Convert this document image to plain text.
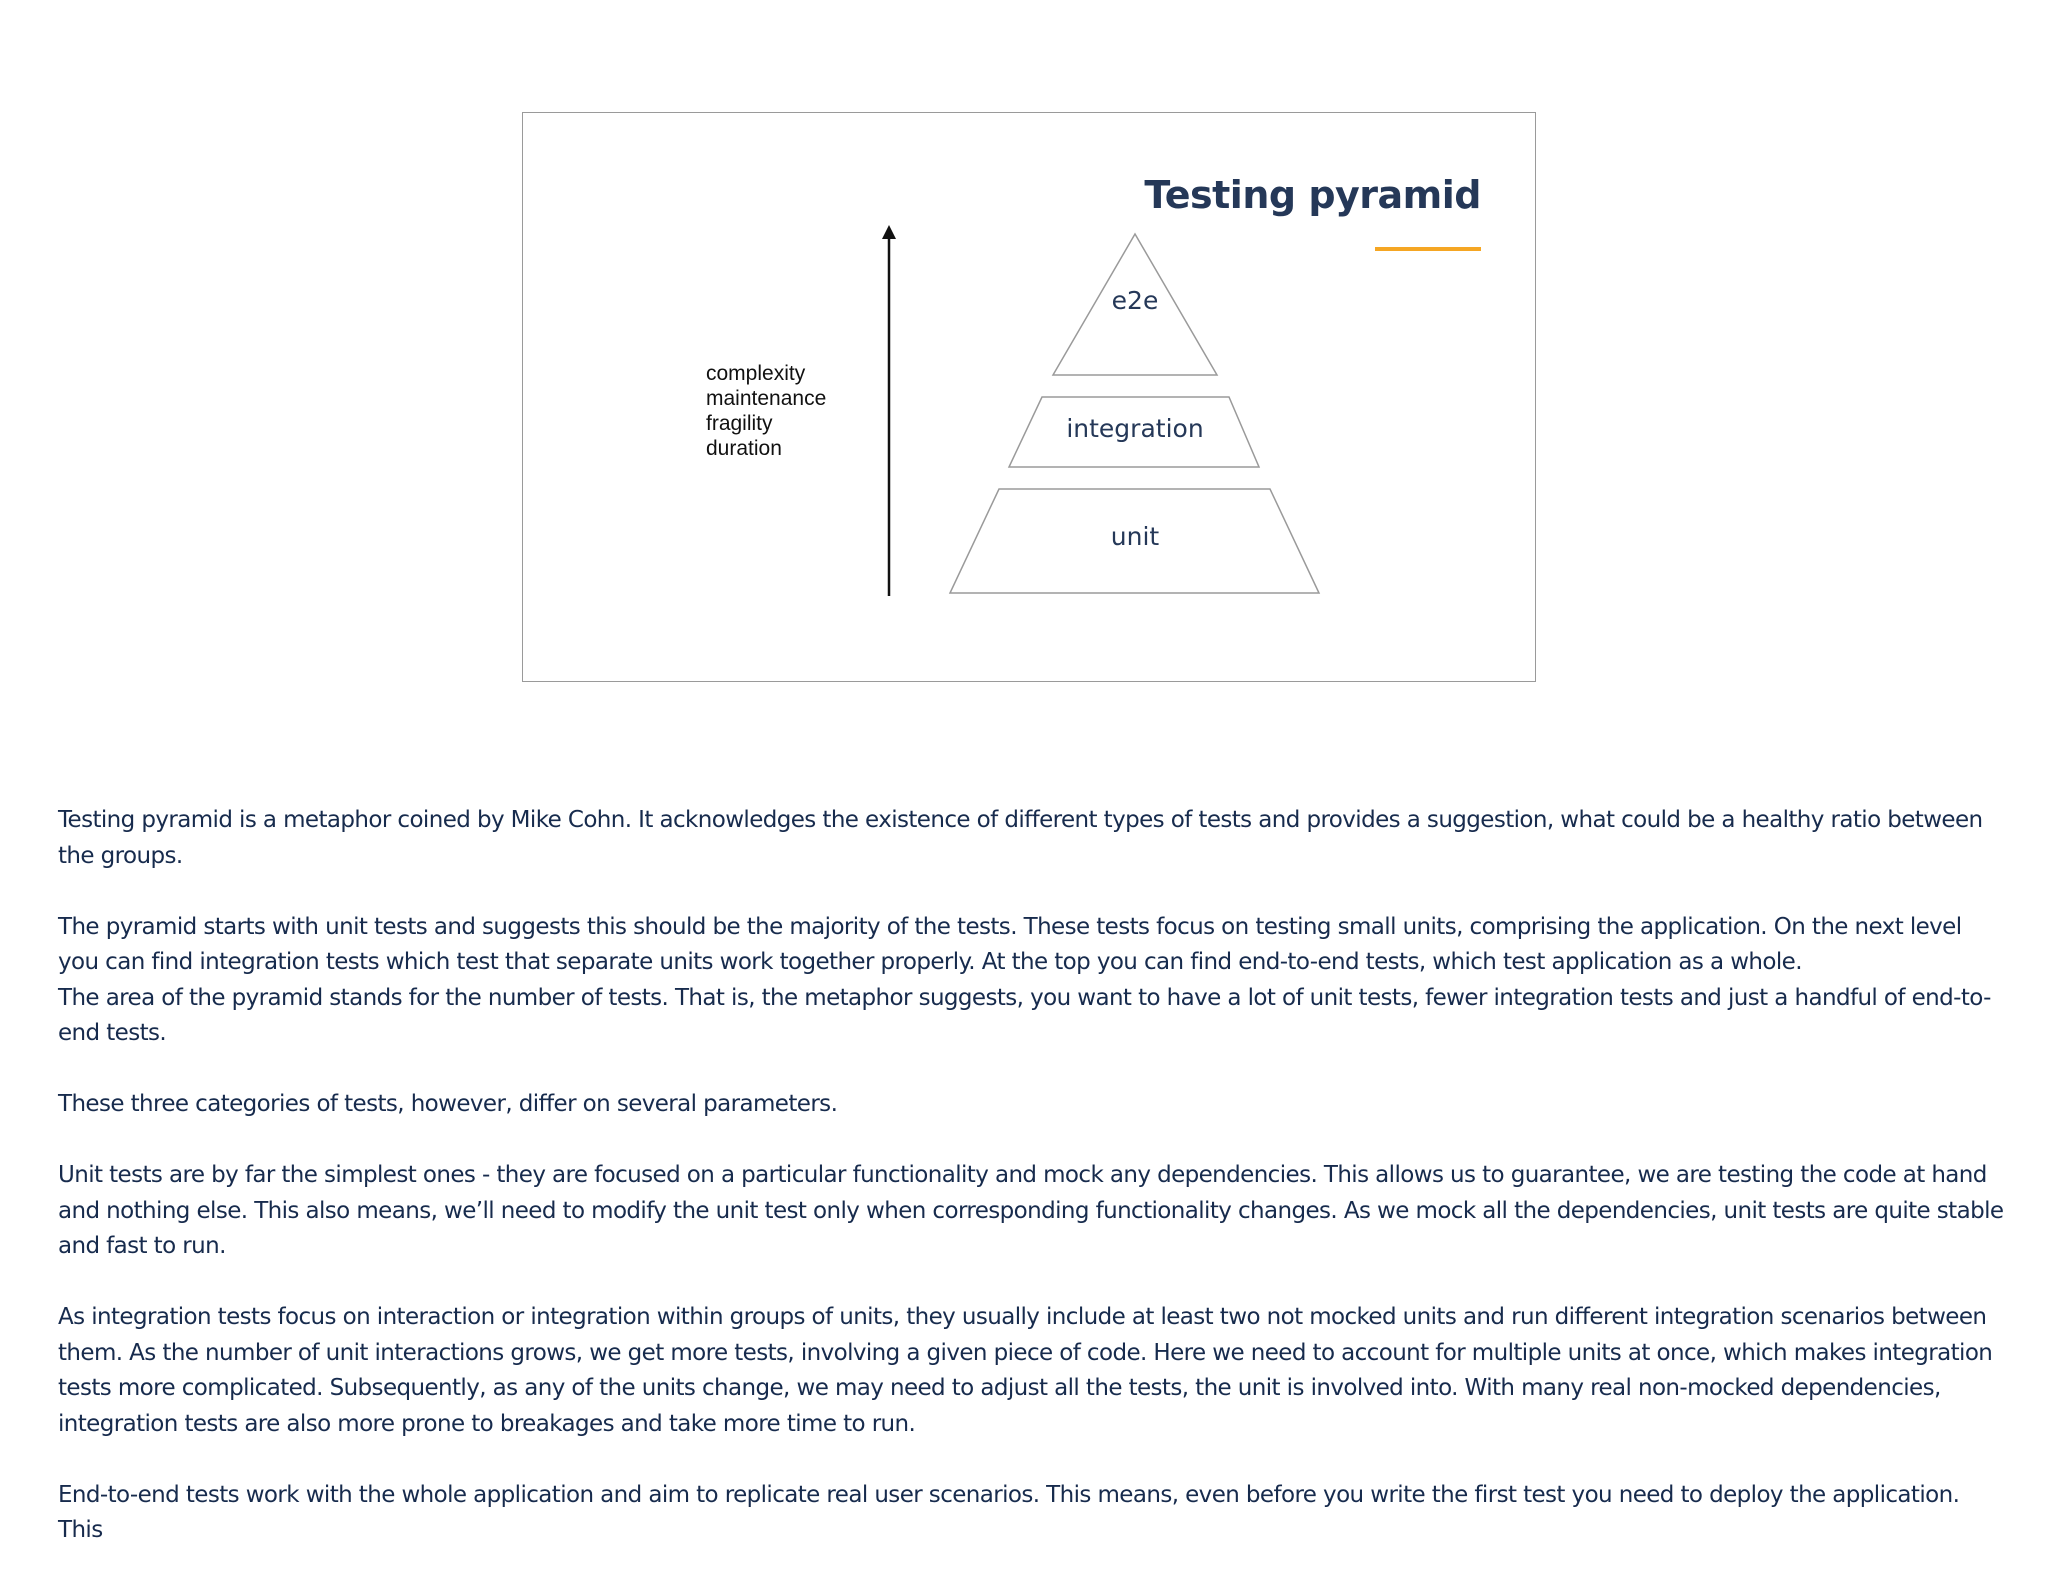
Testing pyramid
complexity
maintenance
fragility
duration
e2e
integration
unit

Testing pyramid is a metaphor coined by Mike Cohn. It acknowledges the existence of different types of tests and provides a suggestion, what could be a healthy ratio between the groups.

The pyramid starts with unit tests and suggests this should be the majority of the tests. These tests focus on testing small units, comprising the application. On the next level you can find integration tests which test that separate units work together properly. At the top you can find end-to-end tests, which test application as a whole.

The area of the pyramid stands for the number of tests. That is, the metaphor suggests, you want to have a lot of unit tests, fewer integration tests and just a handful of end-to-end tests.

These three categories of tests, however, differ on several parameters.

Unit tests are by far the simplest ones - they are focused on a particular functionality and mock any dependencies. This allows us to guarantee, we are testing the code at hand and nothing else. This also means, we’ll need to modify the unit test only when corresponding functionality changes. As we mock all the dependencies, unit tests are quite stable and fast to run.

As integration tests focus on interaction or integration within groups of units, they usually include at least two not mocked units and run different integration scenarios between them. As the number of unit interactions grows, we get more tests, involving a given piece of code. Here we need to account for multiple units at once, which makes integration tests more complicated. Subsequently, as any of the units change, we may need to adjust all the tests, the unit is involved into. With many real non-mocked dependencies, integration tests are also more prone to breakages and take more time to run.

End-to-end tests work with the whole application and aim to replicate real user scenarios. This means, even before you write the first test you need to deploy the application. This
